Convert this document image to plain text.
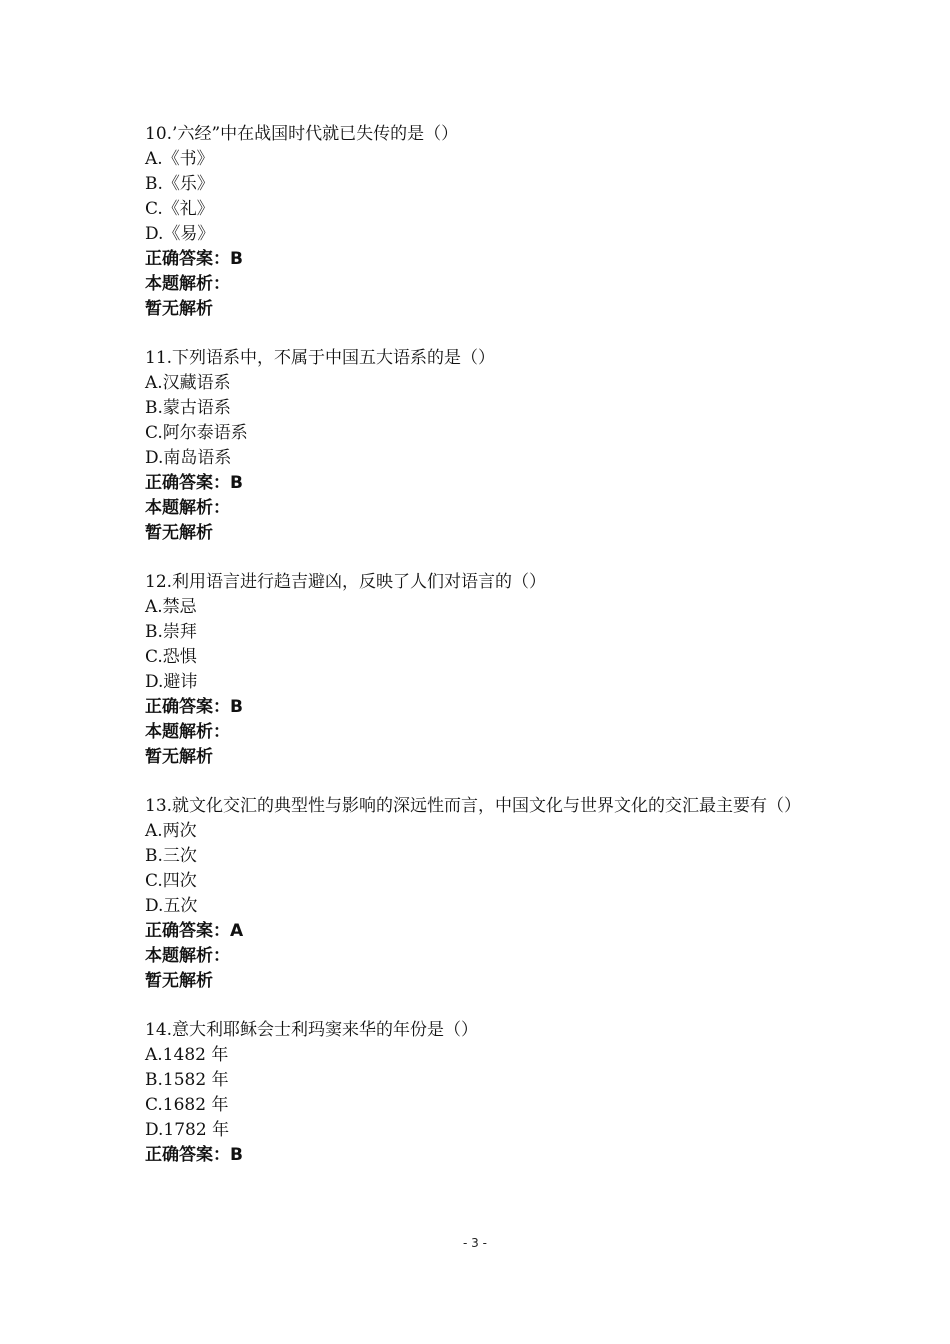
10.’六经”中在战国时代就已失传的是（）
A.《书》
B.《乐》
C.《礼》
D.《易》
正确答案：B
本题解析：
暂无解析
11.下列语系中，不属于中国五大语系的是（）
A.汉藏语系
B.蒙古语系
C.阿尔泰语系
D.南岛语系
正确答案：B
本题解析：
暂无解析
12.利用语言进行趋吉避凶，反映了人们对语言的（）
A.禁忌
B.崇拜
C.恐惧
D.避讳
正确答案：B
本题解析：
暂无解析
13.就文化交汇的典型性与影响的深远性而言，中国文化与世界文化的交汇最主要有（）
A.两次
B.三次
C.四次
D.五次
正确答案：A
本题解析：
暂无解析
14.意大利耶稣会士利玛窦来华的年份是（）
A.1482 年
B.1582 年
C.1682 年
D.1782 年
正确答案：B
- 3 -
